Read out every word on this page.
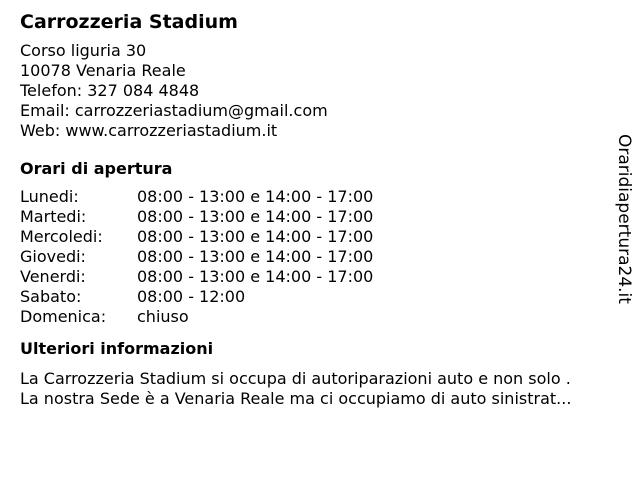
Carrozzeria Stadium
Corso liguria 30
10078 Venaria Reale
Telefon: 327 084 4848
Email: carrozzeriastadium@gmail.com
Web: www.carrozzeriastadium.it
Orari di apertura
Lunedi:	08:00 - 13:00 e 14:00 - 17:00
Martedi:	08:00 - 13:00 e 14:00 - 17:00
Mercoledi:	08:00 - 13:00 e 14:00 - 17:00
Giovedi:	08:00 - 13:00 e 14:00 - 17:00
Venerdi:	08:00 - 13:00 e 14:00 - 17:00
Sabato:	08:00 - 12:00
Domenica:	chiuso
Ulteriori informazioni
La Carrozzeria Stadium si occupa di autoriparazioni auto e non solo .
La nostra Sede è a Venaria Reale ma ci occupiamo di auto sinistrat...
Oraridiapertura24.it
